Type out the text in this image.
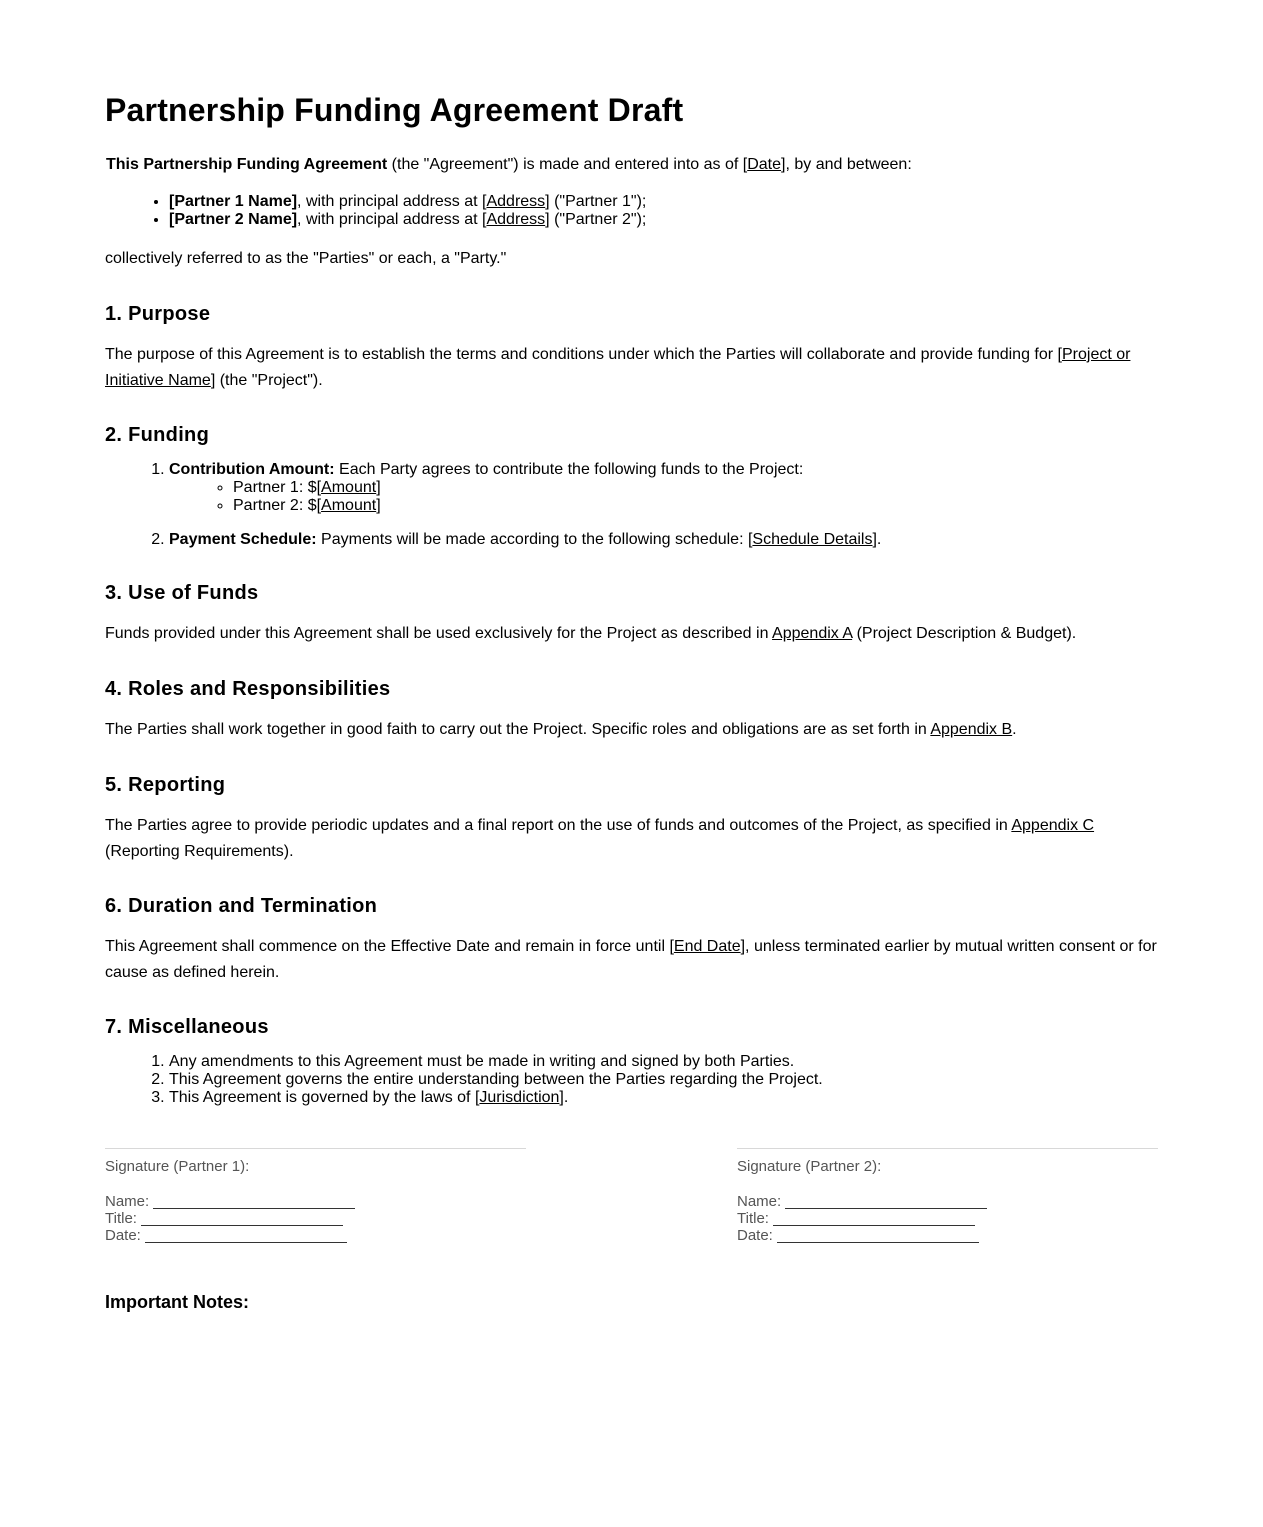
Partnership Funding Agreement Draft

This Partnership Funding Agreement (the "Agreement") is made and entered into as of [Date], by and between:

• [Partner 1 Name], with principal address at [Address] ("Partner 1");
• [Partner 2 Name], with principal address at [Address] ("Partner 2");

collectively referred to as the "Parties" or each, a "Party."

1. Purpose

The purpose of this Agreement is to establish the terms and conditions under which the Parties will collaborate and provide funding for [Project or Initiative Name] (the "Project").

2. Funding
1. Contribution Amount: Each Party agrees to contribute the following funds to the Project:
◦ Partner 1: $[Amount]
◦ Partner 2: $[Amount]
2. Payment Schedule: Payments will be made according to the following schedule: [Schedule Details].
3. Use of Funds

Funds provided under this Agreement shall be used exclusively for the Project as described in Appendix A (Project Description & Budget).

4. Roles and Responsibilities

The Parties shall work together in good faith to carry out the Project. Specific roles and obligations are as set forth in Appendix B.

5. Reporting

The Parties agree to provide periodic updates and a final report on the use of funds and outcomes of the Project, as specified in Appendix C (Reporting Requirements).

6. Duration and Termination

This Agreement shall commence on the Effective Date and remain in force until [End Date], unless terminated earlier by mutual written consent or for cause as defined herein.

7. Miscellaneous
1. Any amendments to this Agreement must be made in writing and signed by both Parties.
2. This Agreement governs the entire understanding between the Parties regarding the Project.
3. This Agreement is governed by the laws of [Jurisdiction].
Signature (Partner 1):
Name:
Title:
Date:
Signature (Partner 2):
Name:
Title:
Date:
Important Notes:
